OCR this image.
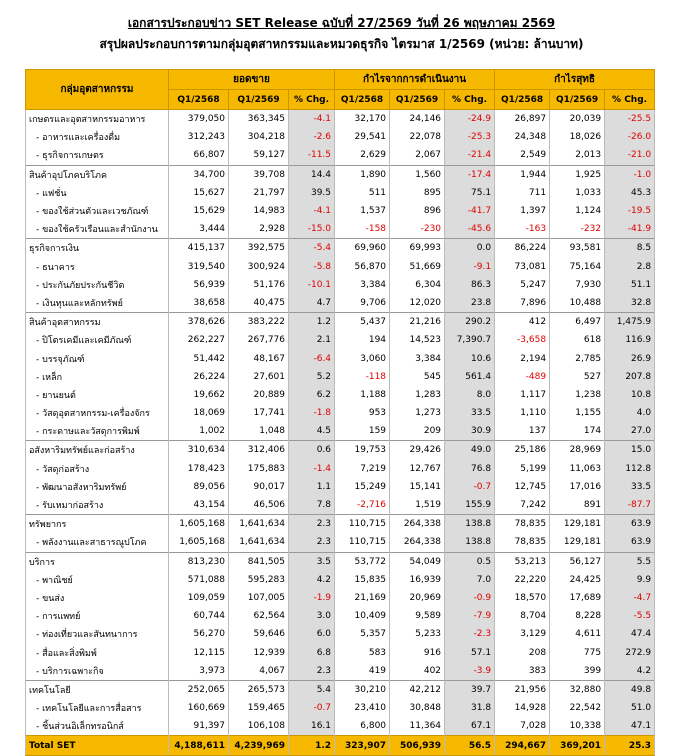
เอกสารประกอบข่าว SET Release ฉบับที่ 27/2569 วันที่ 26 พฤษภาคม 2569
สรุปผลประกอบการตามกลุ่มอุตสาหกรรมและหมวดธุรกิจ ไตรมาส 1/2569 (หน่วย: ล้านบาท)
กลุ่มอุตสาหกรรม	ยอดขาย			กำไรจากการดำเนินงาน			กำไรสุทธิ		
	Q1/2568	Q1/2569	% Chg.	Q1/2568	Q1/2569	% Chg.	Q1/2568	Q1/2569	% Chg.
เกษตรและอุตสาหกรรมอาหาร	379,050	363,345	-4.1	32,170	24,146	-24.9	26,897	20,039	-25.5
- อาหารและเครื่องดื่ม	312,243	304,218	-2.6	29,541	22,078	-25.3	24,348	18,026	-26.0
- ธุรกิจการเกษตร	66,807	59,127	-11.5	2,629	2,067	-21.4	2,549	2,013	-21.0
สินค้าอุปโภคบริโภค	34,700	39,708	14.4	1,890	1,560	-17.4	1,944	1,925	-1.0
- แฟชั่น	15,627	21,797	39.5	511	895	75.1	711	1,033	45.3
- ของใช้ส่วนตัวและเวชภัณฑ์	15,629	14,983	-4.1	1,537	896	-41.7	1,397	1,124	-19.5
- ของใช้ครัวเรือนและสำนักงาน	3,444	2,928	-15.0	-158	-230	-45.6	-163	-232	-41.9
ธุรกิจการเงิน	415,137	392,575	-5.4	69,960	69,993	0.0	86,224	93,581	8.5
- ธนาคาร	319,540	300,924	-5.8	56,870	51,669	-9.1	73,081	75,164	2.8
- ประกันภัยประกันชีวิต	56,939	51,176	-10.1	3,384	6,304	86.3	5,247	7,930	51.1
- เงินทุนและหลักทรัพย์	38,658	40,475	4.7	9,706	12,020	23.8	7,896	10,488	32.8
สินค้าอุตสาหกรรม	378,626	383,222	1.2	5,437	21,216	290.2	412	6,497	1,475.9
- ปิโตรเคมีและเคมีภัณฑ์	262,227	267,776	2.1	194	14,523	7,390.7	-3,658	618	116.9
- บรรจุภัณฑ์	51,442	48,167	-6.4	3,060	3,384	10.6	2,194	2,785	26.9
- เหล็ก	26,224	27,601	5.2	-118	545	561.4	-489	527	207.8
- ยานยนต์	19,662	20,889	6.2	1,188	1,283	8.0	1,117	1,238	10.8
- วัสดุอุตสาหกรรม-เครื่องจักร	18,069	17,741	-1.8	953	1,273	33.5	1,110	1,155	4.0
- กระดาษและวัสดุการพิมพ์	1,002	1,048	4.5	159	209	30.9	137	174	27.0
อสังหาริมทรัพย์และก่อสร้าง	310,634	312,406	0.6	19,753	29,426	49.0	25,186	28,969	15.0
- วัสดุก่อสร้าง	178,423	175,883	-1.4	7,219	12,767	76.8	5,199	11,063	112.8
- พัฒนาอสังหาริมทรัพย์	89,056	90,017	1.1	15,249	15,141	-0.7	12,745	17,016	33.5
- รับเหมาก่อสร้าง	43,154	46,506	7.8	-2,716	1,519	155.9	7,242	891	-87.7
ทรัพยากร	1,605,168	1,641,634	2.3	110,715	264,338	138.8	78,835	129,181	63.9
- พลังงานและสาธารณูปโภค	1,605,168	1,641,634	2.3	110,715	264,338	138.8	78,835	129,181	63.9
บริการ	813,230	841,505	3.5	53,772	54,049	0.5	53,213	56,127	5.5
- พาณิชย์	571,088	595,283	4.2	15,835	16,939	7.0	22,220	24,425	9.9
- ขนส่ง	109,059	107,005	-1.9	21,169	20,969	-0.9	18,570	17,689	-4.7
- การแพทย์	60,744	62,564	3.0	10,409	9,589	-7.9	8,704	8,228	-5.5
- ท่องเที่ยวและสันทนาการ	56,270	59,646	6.0	5,357	5,233	-2.3	3,129	4,611	47.4
- สื่อและสิ่งพิมพ์	12,115	12,939	6.8	583	916	57.1	208	775	272.9
- บริการเฉพาะกิจ	3,973	4,067	2.3	419	402	-3.9	383	399	4.2
เทคโนโลยี	252,065	265,573	5.4	30,210	42,212	39.7	21,956	32,880	49.8
- เทคโนโลยีและการสื่อสาร	160,669	159,465	-0.7	23,410	30,848	31.8	14,928	22,542	51.0
- ชิ้นส่วนอิเล็กทรอนิกส์	91,397	106,108	16.1	6,800	11,364	67.1	7,028	10,338	47.1
Total SET	4,188,611	4,239,969	1.2	323,907	506,939	56.5	294,667	369,201	25.3
